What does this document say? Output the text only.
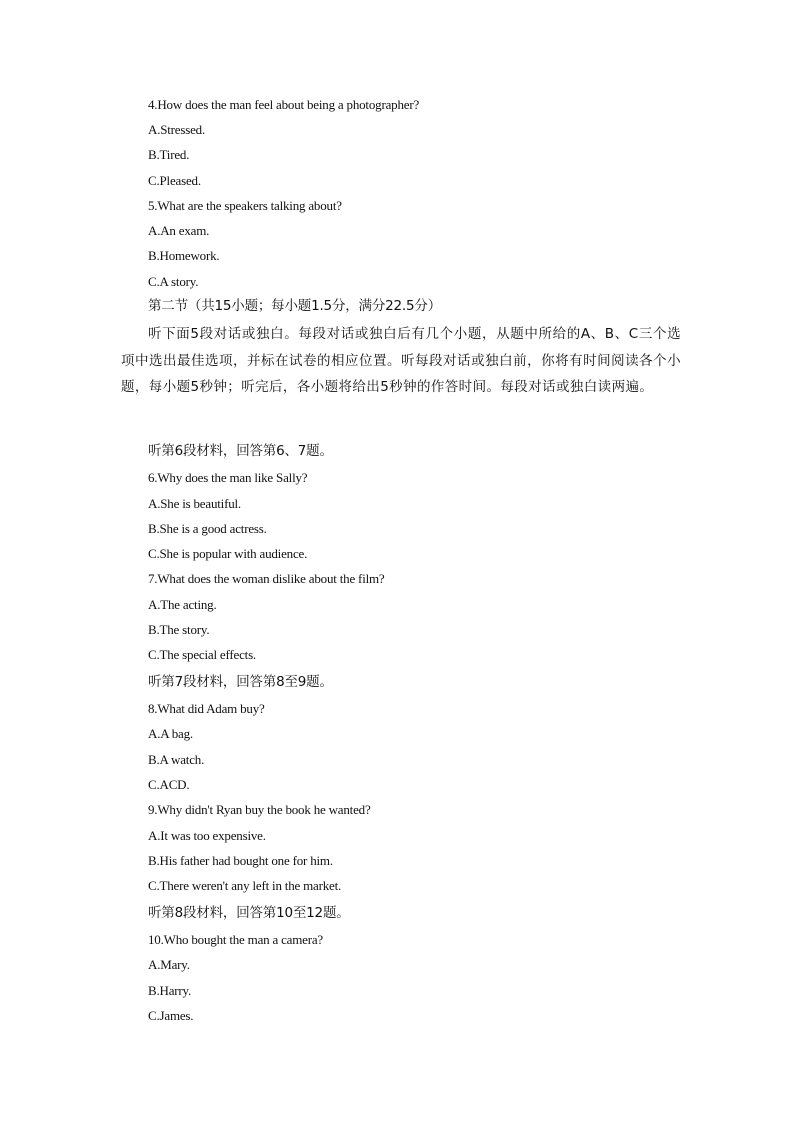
4.How does the man feel about being a photographer?
A.Stressed.
B.Tired.
C.Pleased.
5.What are the speakers talking about?
A.An exam.
B.Homework.
C.A story.
第二节（共15小题；每小题1.5分，满分22.5分）
听下面5段对话或独白。每段对话或独白后有几个小题，从题中所给的A、B、C三个选项中选出最佳选项，并标在试卷的相应位置。听每段对话或独白前，你将有时间阅读各个小题，每小题5秒钟；听完后，各小题将给出5秒钟的作答时间。每段对话或独白读两遍。
听第6段材料，回答第6、7题。
6.Why does the man like Sally?
A.She is beautiful.
B.She is a good actress.
C.She is popular with audience.
7.What does the woman dislike about the film?
A.The acting.
B.The story.
C.The special effects.
听第7段材料，回答第8至9题。
8.What did Adam buy?
A.A bag.
B.A watch.
C.ACD.
9.Why didn't Ryan buy the book he wanted?
A.It was too expensive.
B.His father had bought one for him.
C.There weren't any left in the market.
听第8段材料，回答第10至12题。
10.Who bought the man a camera?
A.Mary.
B.Harry.
C.James.
